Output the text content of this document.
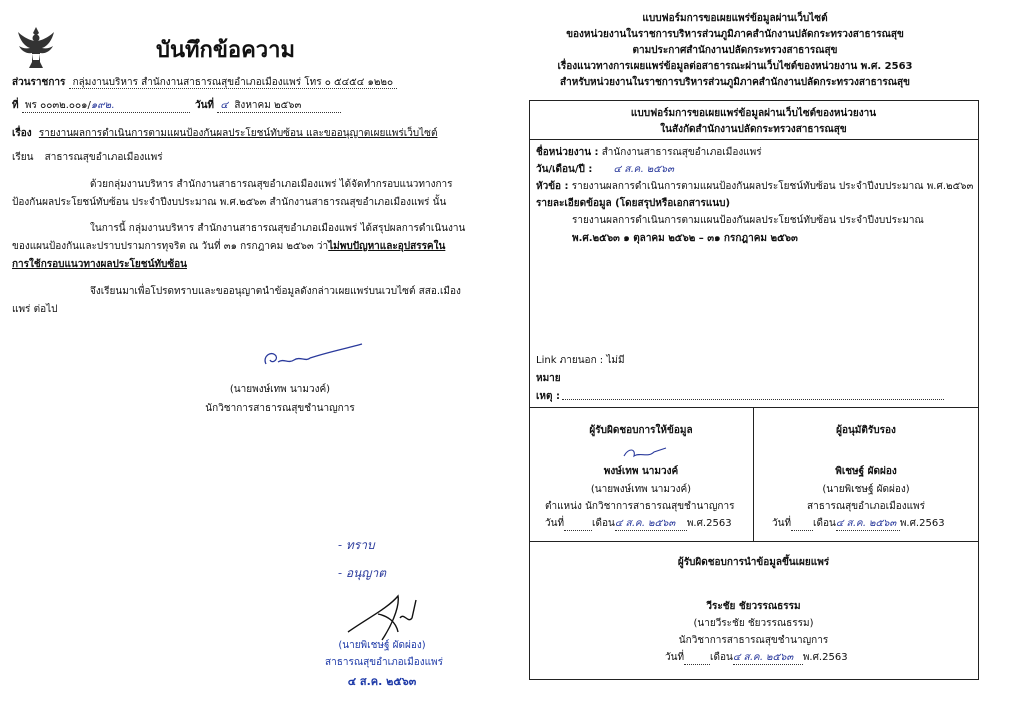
บันทึกข้อความ
ส่วนราชการ กลุ่มงานบริหาร สำนักงานสาธารณสุขอำเภอเมืองแพร่ โทร ๐ ๕๔๕๔ ๑๒๒๐
ที่ พร ๐๐๓๒.๐๐๑/๑๙๒.	วันที่ ๔ สิงหาคม ๒๕๖๓
เรื่อง รายงานผลการดำเนินการตามแผนป้องกันผลประโยชน์ทับซ้อน และขออนุญาตเผยแพร่เว็บไซต์
เรียน สาธารณสุขอำเภอเมืองแพร่
ด้วยกลุ่มงานบริหาร สำนักงานสาธารณสุขอำเภอเมืองแพร่ ได้จัดทำกรอบแนวทางการ
ป้องกันผลประโยชน์ทับซ้อน ประจำปีงบประมาณ พ.ศ.๒๕๖๓ สำนักงานสาธารณสุขอำเภอเมืองแพร่ นั้น
ในการนี้ กลุ่มงานบริหาร สำนักงานสาธารณสุขอำเภอเมืองแพร่ ได้สรุปผลการดำเนินงาน
ของแผนป้องกันและปราบปรามการทุจริต ณ วันที่ ๓๑ กรกฎาคม ๒๕๖๓ ว่าไม่พบปัญหาและอุปสรรคใน
การใช้กรอบแนวทางผลประโยชน์ทับซ้อน
จึงเรียนมาเพื่อโปรดทราบและขออนุญาตนำข้อมูลดังกล่าวเผยแพร่บนเวบไซต์ สสอ.เมือง
แพร่ ต่อไป
(นายพงษ์เทพ นามวงค์)
นักวิชาการสาธารณสุขชำนาญการ
- ทราบ
- อนุญาต
(นายพิเชษฐ์ ผัดผ่อง)
สาธารณสุขอำเภอเมืองแพร่
๔ ส.ค. ๒๕๖๓
แบบฟอร์มการขอเผยแพร่ข้อมูลผ่านเว็บไซต์
ของหน่วยงานในราชการบริหารส่วนภูมิภาคสำนักงานปลัดกระทรวงสาธารณสุข
ตามประกาศสำนักงานปลัดกระทรวงสาธารณสุข
เรื่องแนวทางการเผยแพร่ข้อมูลต่อสาธารณะผ่านเว็บไซต์ของหน่วยงาน พ.ศ. 2563
สำหรับหน่วยงานในราชการบริหารส่วนภูมิภาคสำนักงานปลัดกระทรวงสาธารณสุข
แบบฟอร์มการขอเผยแพร่ข้อมูลผ่านเว็บไซต์ของหน่วยงาน
ในสังกัดสำนักงานปลัดกระทรวงสาธารณสุข
ชื่อหน่วยงาน : สำนักงานสาธารณสุขอำเภอเมืองแพร่
วัน/เดือน/ปี : ๔ ส.ค. ๒๕๖๓
หัวข้อ : รายงานผลการดำเนินการตามแผนป้องกันผลประโยชน์ทับซ้อน ประจำปีงบประมาณ พ.ศ.๒๕๖๓
รายละเอียดข้อมูล (โดยสรุปหรือเอกสารแนบ)
รายงานผลการดำเนินการตามแผนป้องกันผลประโยชน์ทับซ้อน ประจำปีงบประมาณ
พ.ศ.๒๕๖๓ ๑ ตุลาคม ๒๕๖๒ – ๓๑ กรกฎาคม ๒๕๖๓
Link ภายนอก : ไม่มี
หมาย
เหตุ :
ผู้รับผิดชอบการให้ข้อมูล
พงษ์เทพ นามวงค์
(นายพงษ์เทพ นามวงค์)
ตำแหน่ง นักวิชาการสาธารณสุขชำนาญการ
วันที่	เดือน๔ ส.ค. ๒๕๖๓ พ.ศ.2563
ผู้อนุมัติรับรอง
พิเชษฐ์ ผัดผ่อง
(นายพิเชษฐ์ ผัดผ่อง)
สาธารณสุขอำเภอเมืองแพร่
วันที่ เดือน๔ ส.ค. ๒๕๖๓ พ.ศ.2563
ผู้รับผิดชอบการนำข้อมูลขึ้นเผยแพร่
วีระชัย ชัยวรรณธรรม
(นายวีระชัย ชัยวรรณธรรม)
นักวิชาการสาธารณสุขชำนาญการ
วันที่	เดือน๔ ส.ค. ๒๕๖๓ พ.ศ.2563
